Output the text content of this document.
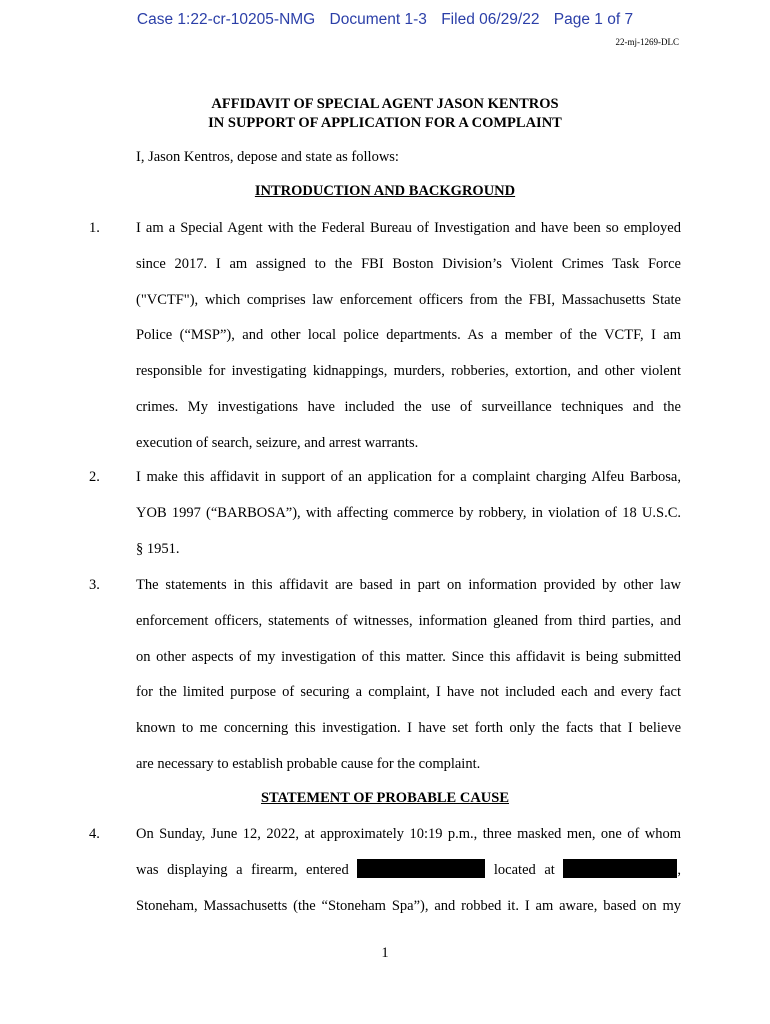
Case 1:22-cr-10205-NMG Document 1-3 Filed 06/29/22 Page 1 of 7
22-mj-1269-DLC
AFFIDAVIT OF SPECIAL AGENT JASON KENTROS
IN SUPPORT OF APPLICATION FOR A COMPLAINT
I, Jason Kentros, depose and state as follows:
INTRODUCTION AND BACKGROUND
1. I am a Special Agent with the Federal Bureau of Investigation and have been so employed
since 2017. I am assigned to the FBI Boston Division’s Violent Crimes Task Force
("VCTF"), which comprises law enforcement officers from the FBI, Massachusetts State
Police (“MSP”), and other local police departments. As a member of the VCTF, I am
responsible for investigating kidnappings, murders, robberies, extortion, and other violent
crimes. My investigations have included the use of surveillance techniques and the
execution of search, seizure, and arrest warrants.
2. I make this affidavit in support of an application for a complaint charging Alfeu Barbosa,
YOB 1997 (“BARBOSA”), with affecting commerce by robbery, in violation of 18 U.S.C.
§ 1951.
3. The statements in this affidavit are based in part on information provided by other law
enforcement officers, statements of witnesses, information gleaned from third parties, and
on other aspects of my investigation of this matter. Since this affidavit is being submitted
for the limited purpose of securing a complaint, I have not included each and every fact
known to me concerning this investigation. I have set forth only the facts that I believe
are necessary to establish probable cause for the complaint.
STATEMENT OF PROBABLE CAUSE
4. On Sunday, June 12, 2022, at approximately 10:19 p.m., three masked men, one of whom
was displaying a firearm, entered	located at	,
Stoneham, Massachusetts (the “Stoneham Spa”), and robbed it. I am aware, based on my
1
